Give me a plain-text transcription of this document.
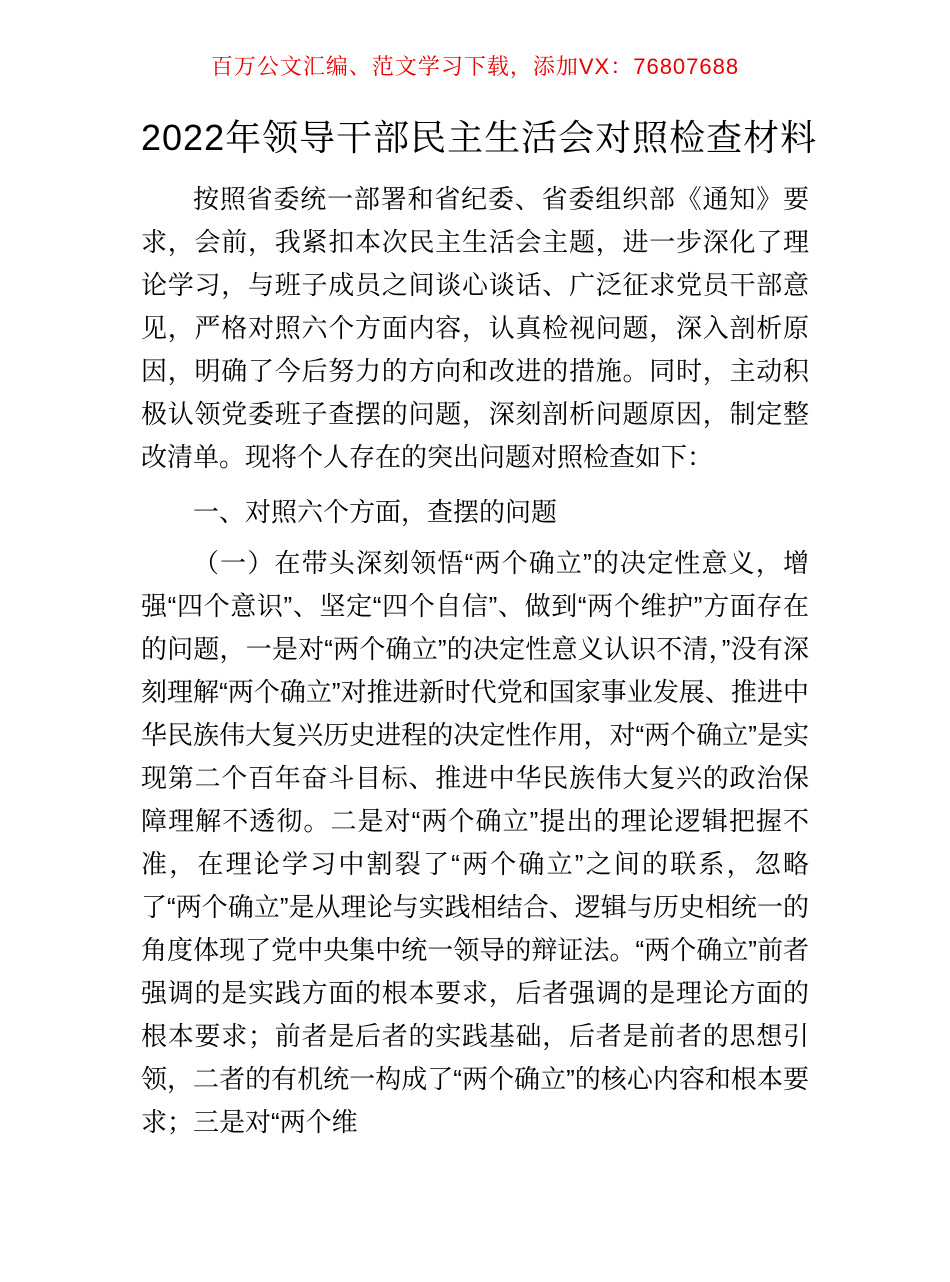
百万公文汇编、范文学习下载，添加VX：76807688
2022年领导干部民主生活会对照检查材料

按照省委统一部署和省纪委、省委组织部《通知》要求，会前，我紧扣本次民主生活会主题，进一步深化了理论学习，与班子成员之间谈心谈话、广泛征求党员干部意见，严格对照六个方面内容，认真检视问题，深入剖析原因，明确了今后努力的方向和改进的措施。同时，主动积极认领党委班子查摆的问题，深刻剖析问题原因，制定整改清单。现将个人存在的突出问题对照检查如下：

一、对照六个方面，查摆的问题

（一）在带头深刻领悟“两个确立”的决定性意义，增强“四个意识”、坚定“四个自信”、做到“两个维护”方面存在的问题，一是对“两个确立”的决定性意义认识不清，”没有深刻理解“两个确立”对推进新时代党和国家事业发展、推进中华民族伟大复兴历史进程的决定性作用，对“两个确立”是实现第二个百年奋斗目标、推进中华民族伟大复兴的政治保障理解不透彻。二是对“两个确立”提出的理论逻辑把握不准，在理论学习中割裂了“两个确立”之间的联系，忽略了“两个确立”是从理论与实践相结合、逻辑与历史相统一的角度体现了党中央集中统一领导的辩证法。“两个确立”前者强调的是实践方面的根本要求，后者强调的是理论方面的根本要求；前者是后者的实践基础，后者是前者的思想引领，二者的有机统一构成了“两个确立”的核心内容和根本要求；三是对“两个维
